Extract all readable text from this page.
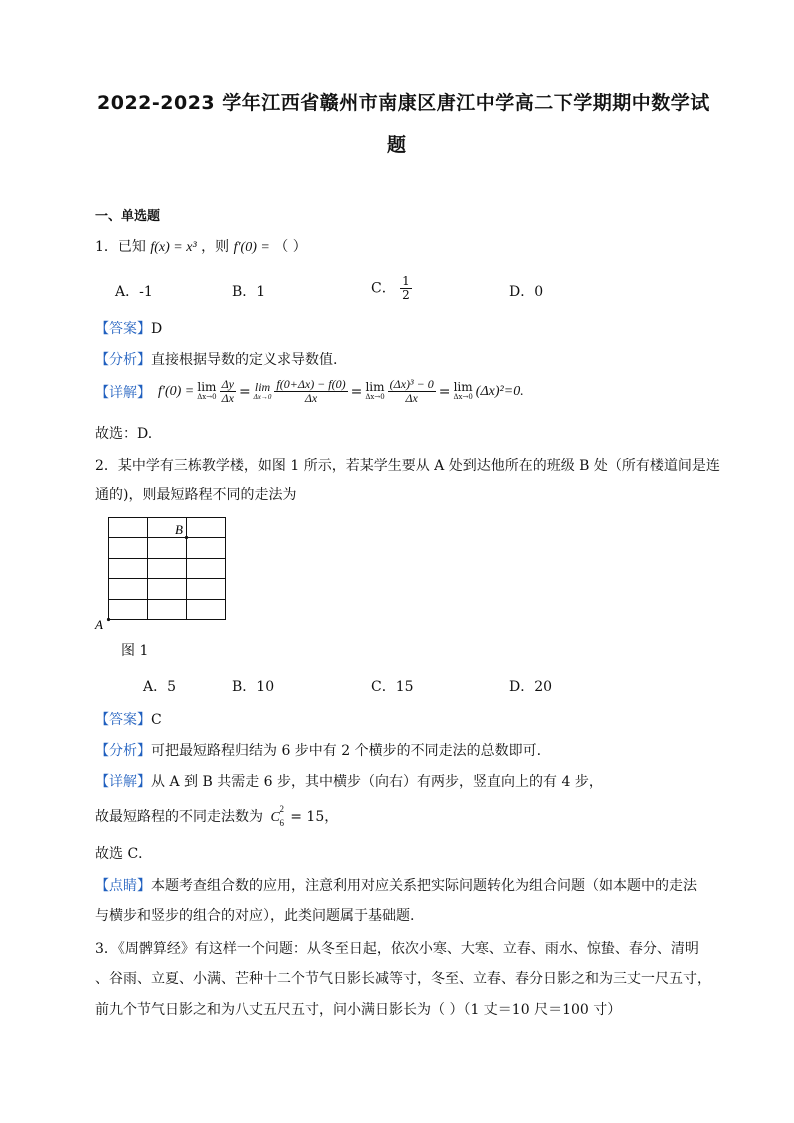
2022-2023 学年江西省赣州市南康区唐江中学高二下学期期中数学试
题
一、单选题
1．已知 f(x) = x³ ，则 f′(0) = （ ）
A．-1	B．1	C． $\frac{1}{2}$	D．0
【答案】D
【分析】直接根据导数的定义求导数值.
【详解】 f′(0) = lim
$\Delta x\to 0 \frac{\Delta y}{\Delta x} = \lim$
$\Delta x\to 0 \frac{f(0+\Delta x) - f(0)}{\Delta x} = \lim$
$\Delta x\to 0 \frac{\text{(Δx)³ − 0}}{\Delta x} = \lim$
Δx→0 (Δx)²=0.
故选：D.
2．某中学有三栋教学楼，如图 1 所示，若某学生要从 A 处到达他所在的班级 B 处（所有楼道间是连
通的)，则最短路程不同的走法为
B
A
图 1
A．5	B．10	C．15	D．20
【答案】C
【分析】可把最短路程归结为 6 步中有 2 个横步的不同走法的总数即可.
【详解】从 A 到 B 共需走 6 步，其中横步（向右）有两步，竖直向上的有 4 步，
故最短路程的不同走法数为 C
2
6 = 15，
故选 C．
【点睛】本题考查组合数的应用，注意利用对应关系把实际问题转化为组合问题（如本题中的走法
与横步和竖步的组合的对应），此类问题属于基础题.
3．《周髀算经》有这样一个问题：从冬至日起，依次小寒、大寒、立春、雨水、惊蛰、春分、清明
、谷雨、立夏、小满、芒种十二个节气日影长减等寸，冬至、立春、春分日影之和为三丈一尺五寸，
前九个节气日影之和为八丈五尺五寸，问小满日影长为（ ）（1 丈＝10 尺＝100 寸）
